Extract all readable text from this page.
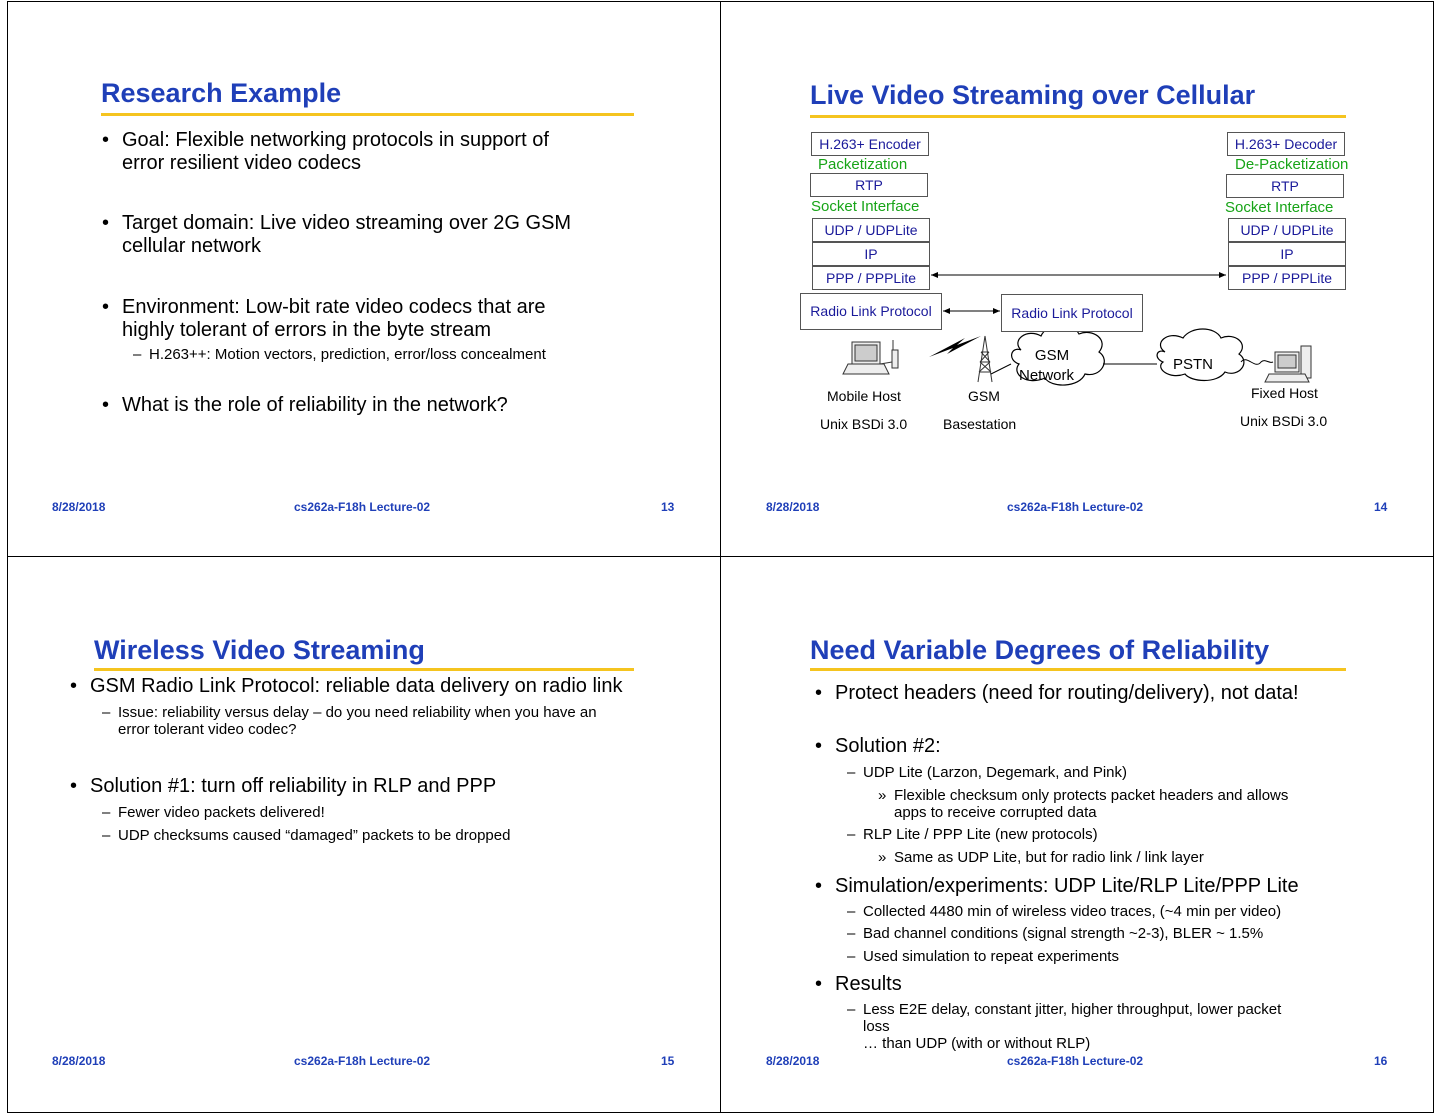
Research Example
• Goal: Flexible networking protocols in support of
error resilient video codecs
• Target domain: Live video streaming over 2G GSM
cellular network
• Environment: Low-bit rate video codecs that are
highly tolerant of errors in the byte stream
– H.263++: Motion vectors, prediction, error/loss concealment
• What is the role of reliability in the network?
8/28/2018	cs262a-F18h Lecture-02	13
Live Video Streaming over Cellular
H.263+ Encoder
Packetization
RTP
Socket Interface
UDP / UDPLite
IP
PPP / PPPLite
Radio Link Protocol	Radio Link Protocol
H.263+ Decoder
De-Packetization
RTP
Socket Interface
UDP / UDPLite
IP
PPP / PPPLite
GSM
Network
PSTN
Mobile Host
Unix BSDi 3.0
GSM
Basestation
Fixed Host
Unix BSDi 3.0
8/28/2018	cs262a-F18h Lecture-02	14
Wireless Video Streaming
• GSM Radio Link Protocol: reliable data delivery on radio link
– Issue: reliability versus delay – do you need reliability when you have an
error tolerant video codec?
• Solution #1: turn off reliability in RLP and PPP
– Fewer video packets delivered!
– UDP checksums caused “damaged” packets to be dropped
8/28/2018	cs262a-F18h Lecture-02	15
Need Variable Degrees of Reliability
• Protect headers (need for routing/delivery), not data!
• Solution #2:
– UDP Lite (Larzon, Degemark, and Pink)
» Flexible checksum only protects packet headers and allows
apps to receive corrupted data
– RLP Lite / PPP Lite (new protocols)
» Same as UDP Lite, but for radio link / link layer
• Simulation/experiments: UDP Lite/RLP Lite/PPP Lite
– Collected 4480 min of wireless video traces, (~4 min per video)
– Bad channel conditions (signal strength ~2-3), BLER ~ 1.5%
– Used simulation to repeat experiments
• Results
– Less E2E delay, constant jitter, higher throughput, lower packet
loss
… than UDP (with or without RLP)
8/28/2018	cs262a-F18h Lecture-02	16
